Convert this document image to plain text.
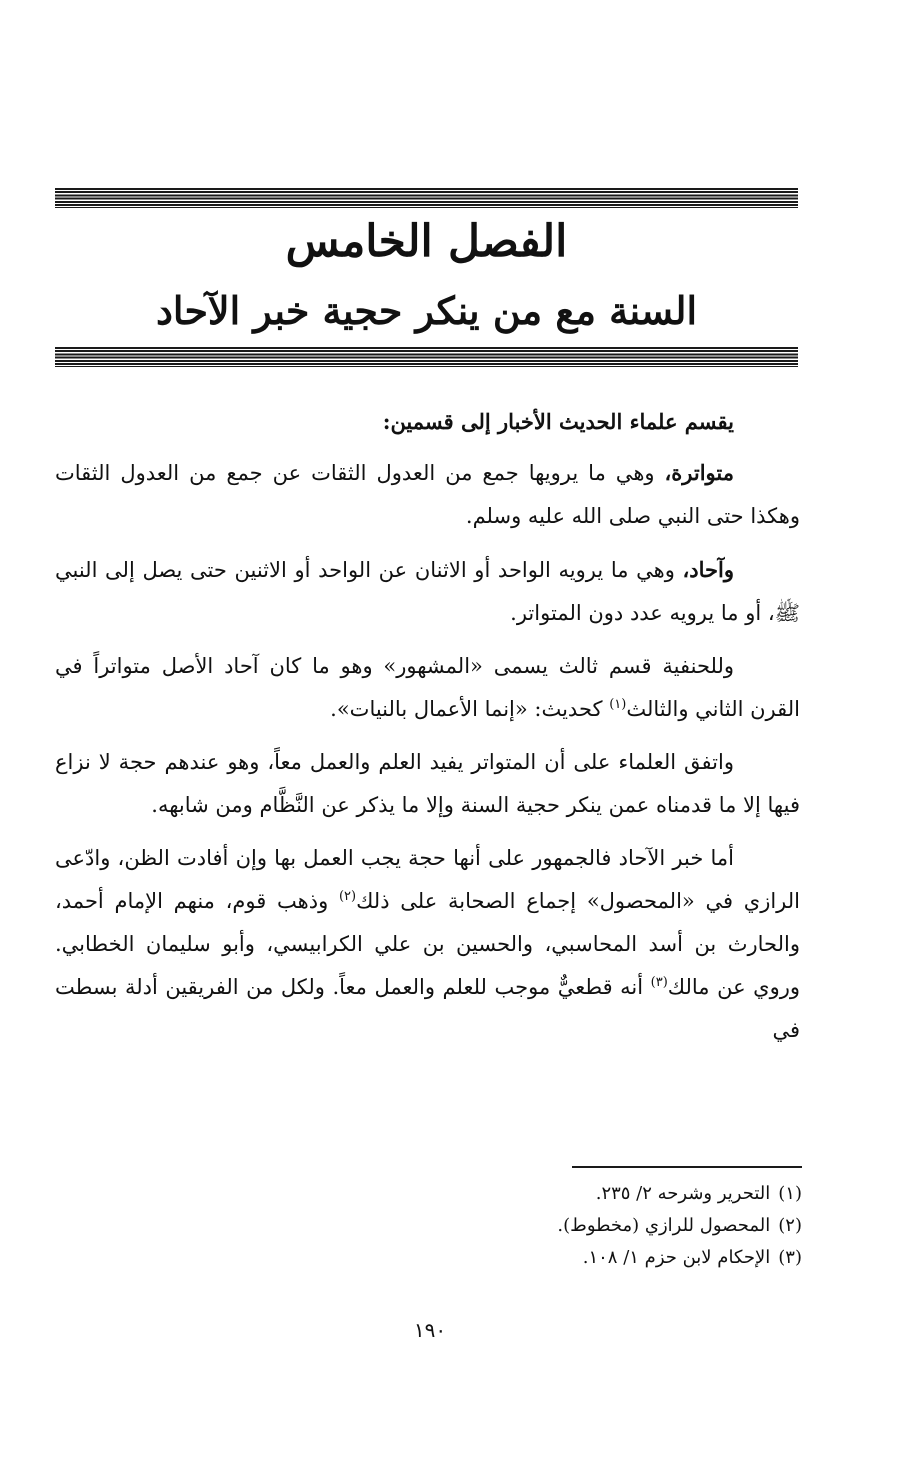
الفصل الخامس
السنة مع من ينكر حجية خبر الآحاد

يقسم علماء الحديث الأخبار إلى قسمين:

متواترة، وهي ما يرويها جمع من العدول الثقات عن جمع من العدول الثقات وهكذا حتى النبي صلى الله عليه وسلم.

وآحاد، وهي ما يرويه الواحد أو الاثنان عن الواحد أو الاثنين حتى يصل إلى النبي ﷺ، أو ما يرويه عدد دون المتواتر.

وللحنفية قسم ثالث يسمى «المشهور» وهو ما كان آحاد الأصل متواتراً في القرن الثاني والثالث$^{(١)}$ كحديث: «إنما الأعمال بالنيات».

واتفق العلماء على أن المتواتر يفيد العلم والعمل معاً، وهو عندهم حجة لا نزاع فيها إلا ما قدمناه عمن ينكر حجية السنة وإلا ما يذكر عن النَّظَّام ومن شابهه.

أما خبر الآحاد فالجمهور على أنها حجة يجب العمل بها وإن أفادت الظن، وادّعى الرازي في «المحصول» إجماع الصحابة على ذلك$^{(٢)}$ وذهب قوم، منهم الإمام أحمد، والحارث بن أسد المحاسبي، والحسين بن علي الكرابيسي، وأبو سليمان الخطابي. وروي عن مالك$^{(٣)}$ أنه قطعيٌّ موجب للعلم والعمل معاً. ولكل من الفريقين أدلة بسطت في

(١)التحرير وشرحه ٢/ ٢٣٥.

(٢)المحصول للرازي (مخطوط).

(٣)الإحكام لابن حزم ١/ ١٠٨.

١٩٠
